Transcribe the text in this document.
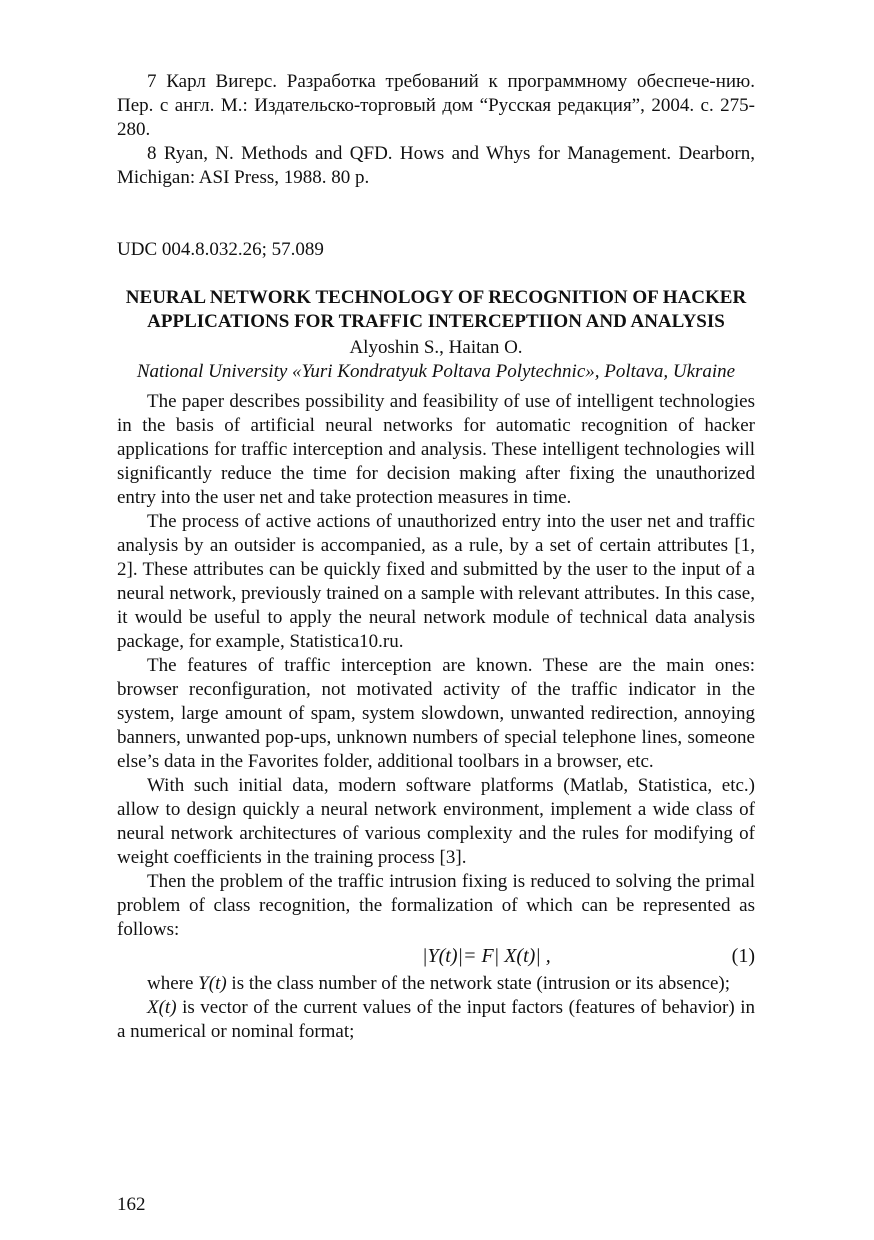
7 Карл Вигерс. Разработка требований к программному обеспече-нию. Пер. с англ. М.: Издательско-торговый дом “Русская редакция”, 2004. с. 275-280.

8 Ryan, N. Methods and QFD. Hows and Whys for Management. Dearborn, Michigan: ASI Press, 1988. 80 p.

UDC 004.8.032.26; 57.089

NEURAL NETWORK TECHNOLOGY OF RECOGNITION OF HACKER APPLICATIONS FOR TRAFFIC INTERCEPTIION AND ANALYSIS
Alyoshin S., Haitan O.
National University «Yuri Kondratyuk Poltava Polytechnic», Poltava, Ukraine

The paper describes possibility and feasibility of use of intelligent technologies in the basis of artificial neural networks for automatic recognition of hacker applications for traffic interception and analysis. These intelligent technologies will significantly reduce the time for decision making after fixing the unauthorized entry into the user net and take protection measures in time.

The process of active actions of unauthorized entry into the user net and traffic analysis by an outsider is accompanied, as a rule, by a set of certain attributes [1, 2]. These attributes can be quickly fixed and submitted by the user to the input of a neural network, previously trained on a sample with relevant attributes. In this case, it would be useful to apply the neural network module of technical data analysis package, for example, Statistica10.ru.

The features of traffic interception are known. These are the main ones: browser reconfiguration, not motivated activity of the traffic indicator in the system, large amount of spam, system slowdown, unwanted redirection, annoying banners, unwanted pop-ups, unknown numbers of special telephone lines, someone else’s data in the Favorites folder, additional toolbars in a browser, etc.

With such initial data, modern software platforms (Matlab, Statistica, etc.) allow to design quickly a neural network environment, implement a wide class of neural network architectures of various complexity and the rules for modifying of weight coefficients in the training process [3].

Then the problem of the traffic intrusion fixing is reduced to solving the primal problem of class recognition, the formalization of which can be represented as follows:

|Y(t)|= F| X(t)| ,	(1)

where Y(t) is the class number of the network state (intrusion or its absence);

X(t) is vector of the current values of the input factors (features of behavior) in a numerical or nominal format;

162
